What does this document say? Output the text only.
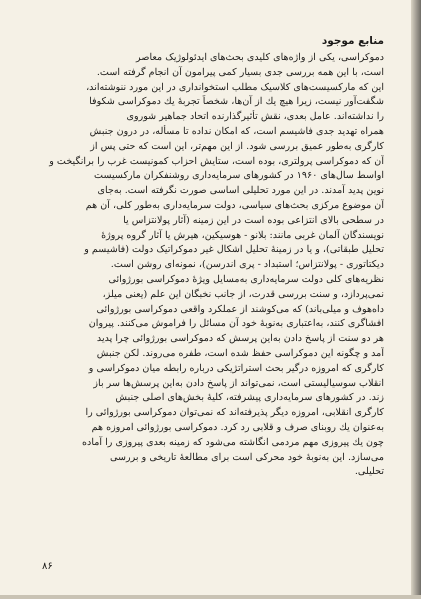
منابع موجود
دموکراسی، یکی از واژه‌های کلیدی بحث‌های ایدئولوژیک معاصر
است، با این همه بررسی جدی بسیار کمی پیرامون آن انجام گرفته است.
این که مارکسیست‌های کلاسیک مطلب استخوانداری در این مورد ننوشته‌اند،
شگفت‌آور نیست، زیرا هیچ یك از آن‌ها، شخصاً تجربهٔ یك دموکراسی شکوفا
را نداشته‌اند. عامل بعدی، نقش تأثیرگذارنده اتحاد جماهیر شوروی
همراه تهدید جدی فاشیسم است، که امکان نداده تا مسأله، در درون جنبش
کارگری به‌طور عمیق بررسی شود. از این مهم‌تر، این است که حتی پس از
آن که دموکراسی پرولتری، بوده است، ستایش احزاب کمونیست غرب را برانگیخت و
اواسط سال‌های ۱۹۶۰ در کشورهای سرمایه‌داری روشنفکران مارکسیست
نوین پدید آمدند. در این مورد تحلیلی اساسی صورت نگرفته است. به‌جای
آن موضوع مرکزی بحث‌های سیاسی، دولت سرمایه‌داری به‌طور کلی، آن هم
در سطحی بالای انتزاعی بوده است در این زمینه (آثار پولانتزاس یا
نویسندگان آلمان غربی مانند: بلانو - هوسیکین، هیرش یا آثار گروه پروژهٔ
تحلیل طبقاتی)، و یا در زمینهٔ تحلیل اشکال غیر دموکراتیک دولت (فاشیسم و
دیکتاتوری - پولانتزاس؛ استبداد - پری اندرسن)، نمونه‌ای روشن است.
نظریه‌های کلی دولت سرمایه‌داری به‌مسایل ویژهٔ دموکراسی بورژوائی
نمی‌پردازد، و سنت بررسی قدرت، از جانب نخبگان این علم (یعنی میلز،
داه‌هوف و میلی‌باند) که می‌کوشند از عملکرد واقعی دموکراسی بورژوائی
افشاگری کنند، به‌اعتباری به‌نوبهٔ خود آن مسائل را فراموش می‌کنند. پیروان
هر دو سنت از پاسخ دادن به‌این پرسش که دموکراسی بورژوائی چرا پدید
آمد و چگونه این دموکراسی حفظ شده است، طفره می‌روند. لکن جنبش
کارگری که امروزه درگیر بحث استراتژیکی درباره رابطه میان دموکراسی و
انقلاب سوسیالیستی است، نمی‌تواند از پاسخ دادن به‌این پرسش‌ها سر باز
زند. در کشورهای سرمایه‌داری پیشرفته، کلیهٔ بخش‌های اصلی جنبش
کارگری انقلابی، امروزه دیگر پذیرفته‌اند که نمی‌توان دموکراسی بورژوائی را
به‌عنوان یك روبنای صرف و قلابی رد کرد. دموکراسی بورژوائی امروزه هم
چون یك پیروزی مهم مردمی انگاشته می‌شود که زمینه بعدی پیروزی را آماده
می‌سازد. این به‌نوبهٔ خود محرکی است برای مطالعهٔ تاریخی و بررسی
تحلیلی.
۸۶
